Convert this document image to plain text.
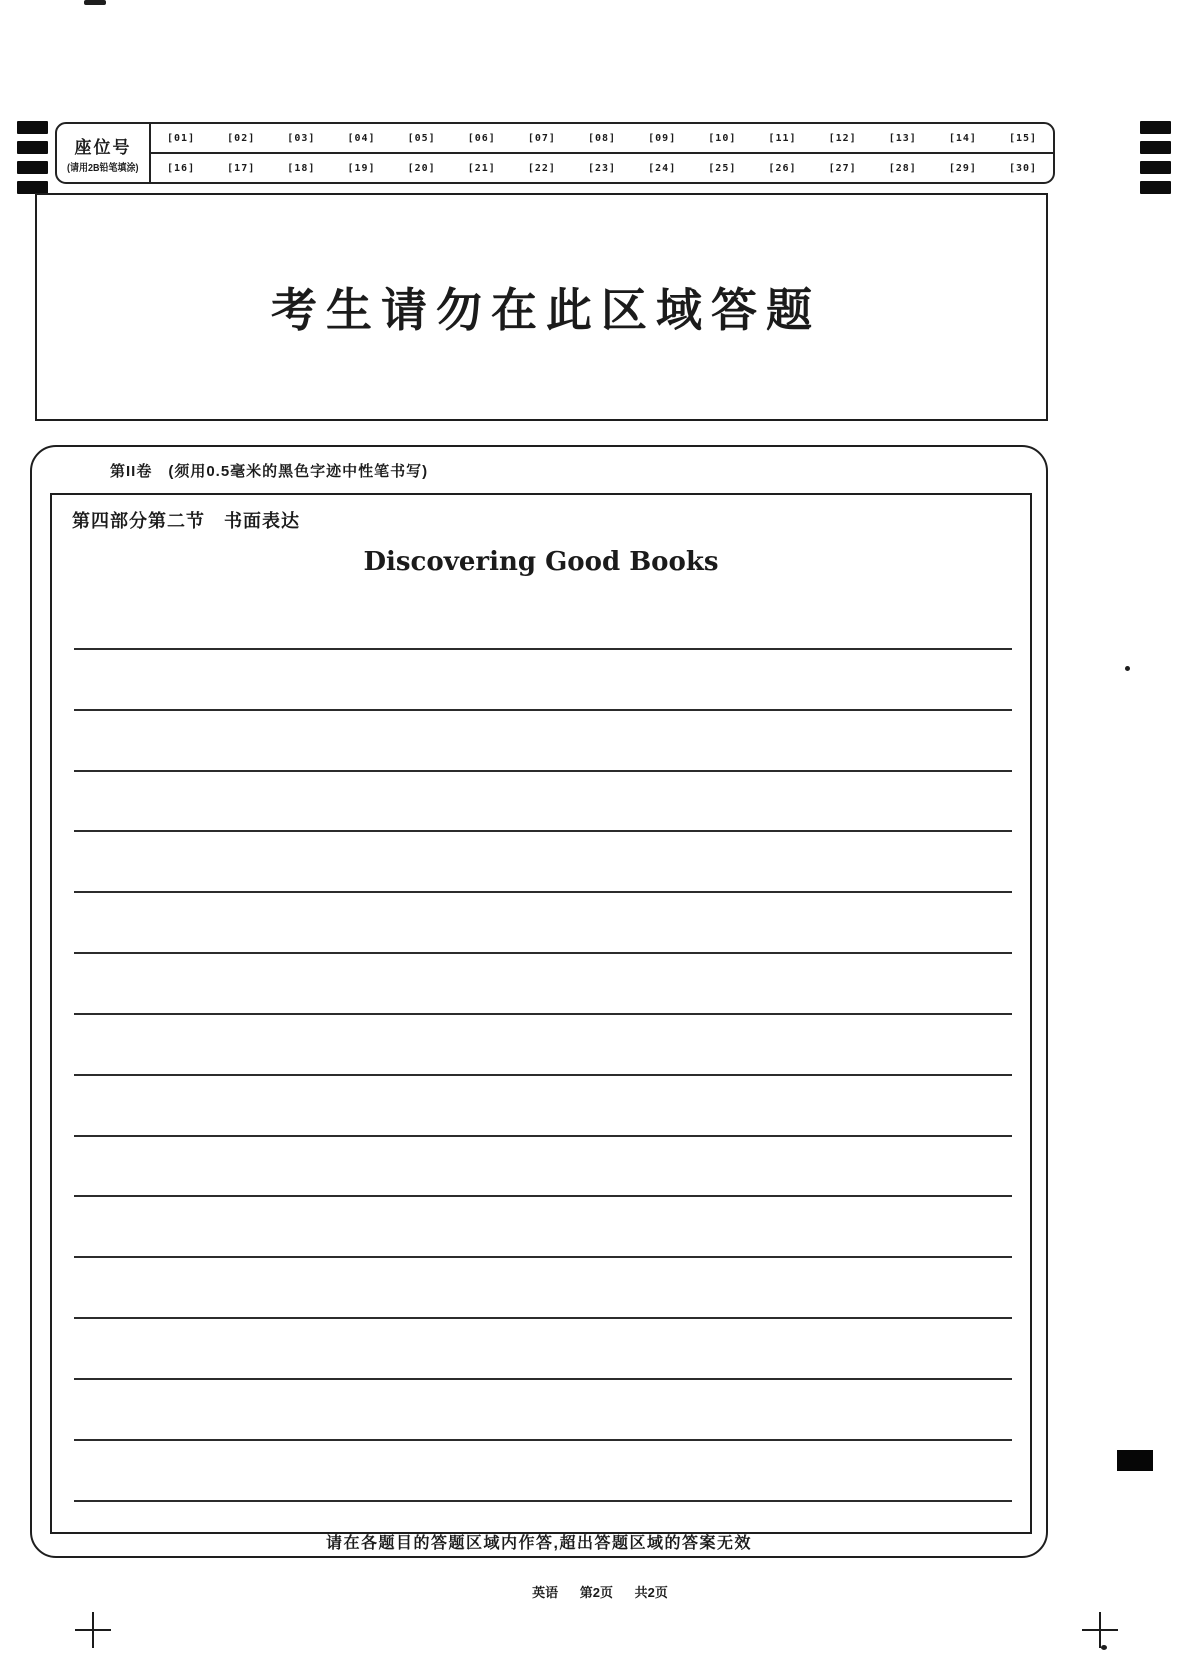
座位号
(请用2B铅笔填涂)
[01]	[02]	[03]	[04]	[05]	[06]	[07]	[08]	[09]	[10]	[11]	[12]	[13]	[14]	[15]
[16]	[17]	[18]	[19]	[20]	[21]	[22]	[23]	[24]	[25]	[26]	[27]	[28]	[29]	[30]
考生请勿在此区域答题
第II卷　(须用0.5毫米的黑色字迹中性笔书写)
第四部分第二节　书面表达
Discovering Good Books
请在各题目的答题区域内作答,超出答题区域的答案无效
英语 第2页 共2页
